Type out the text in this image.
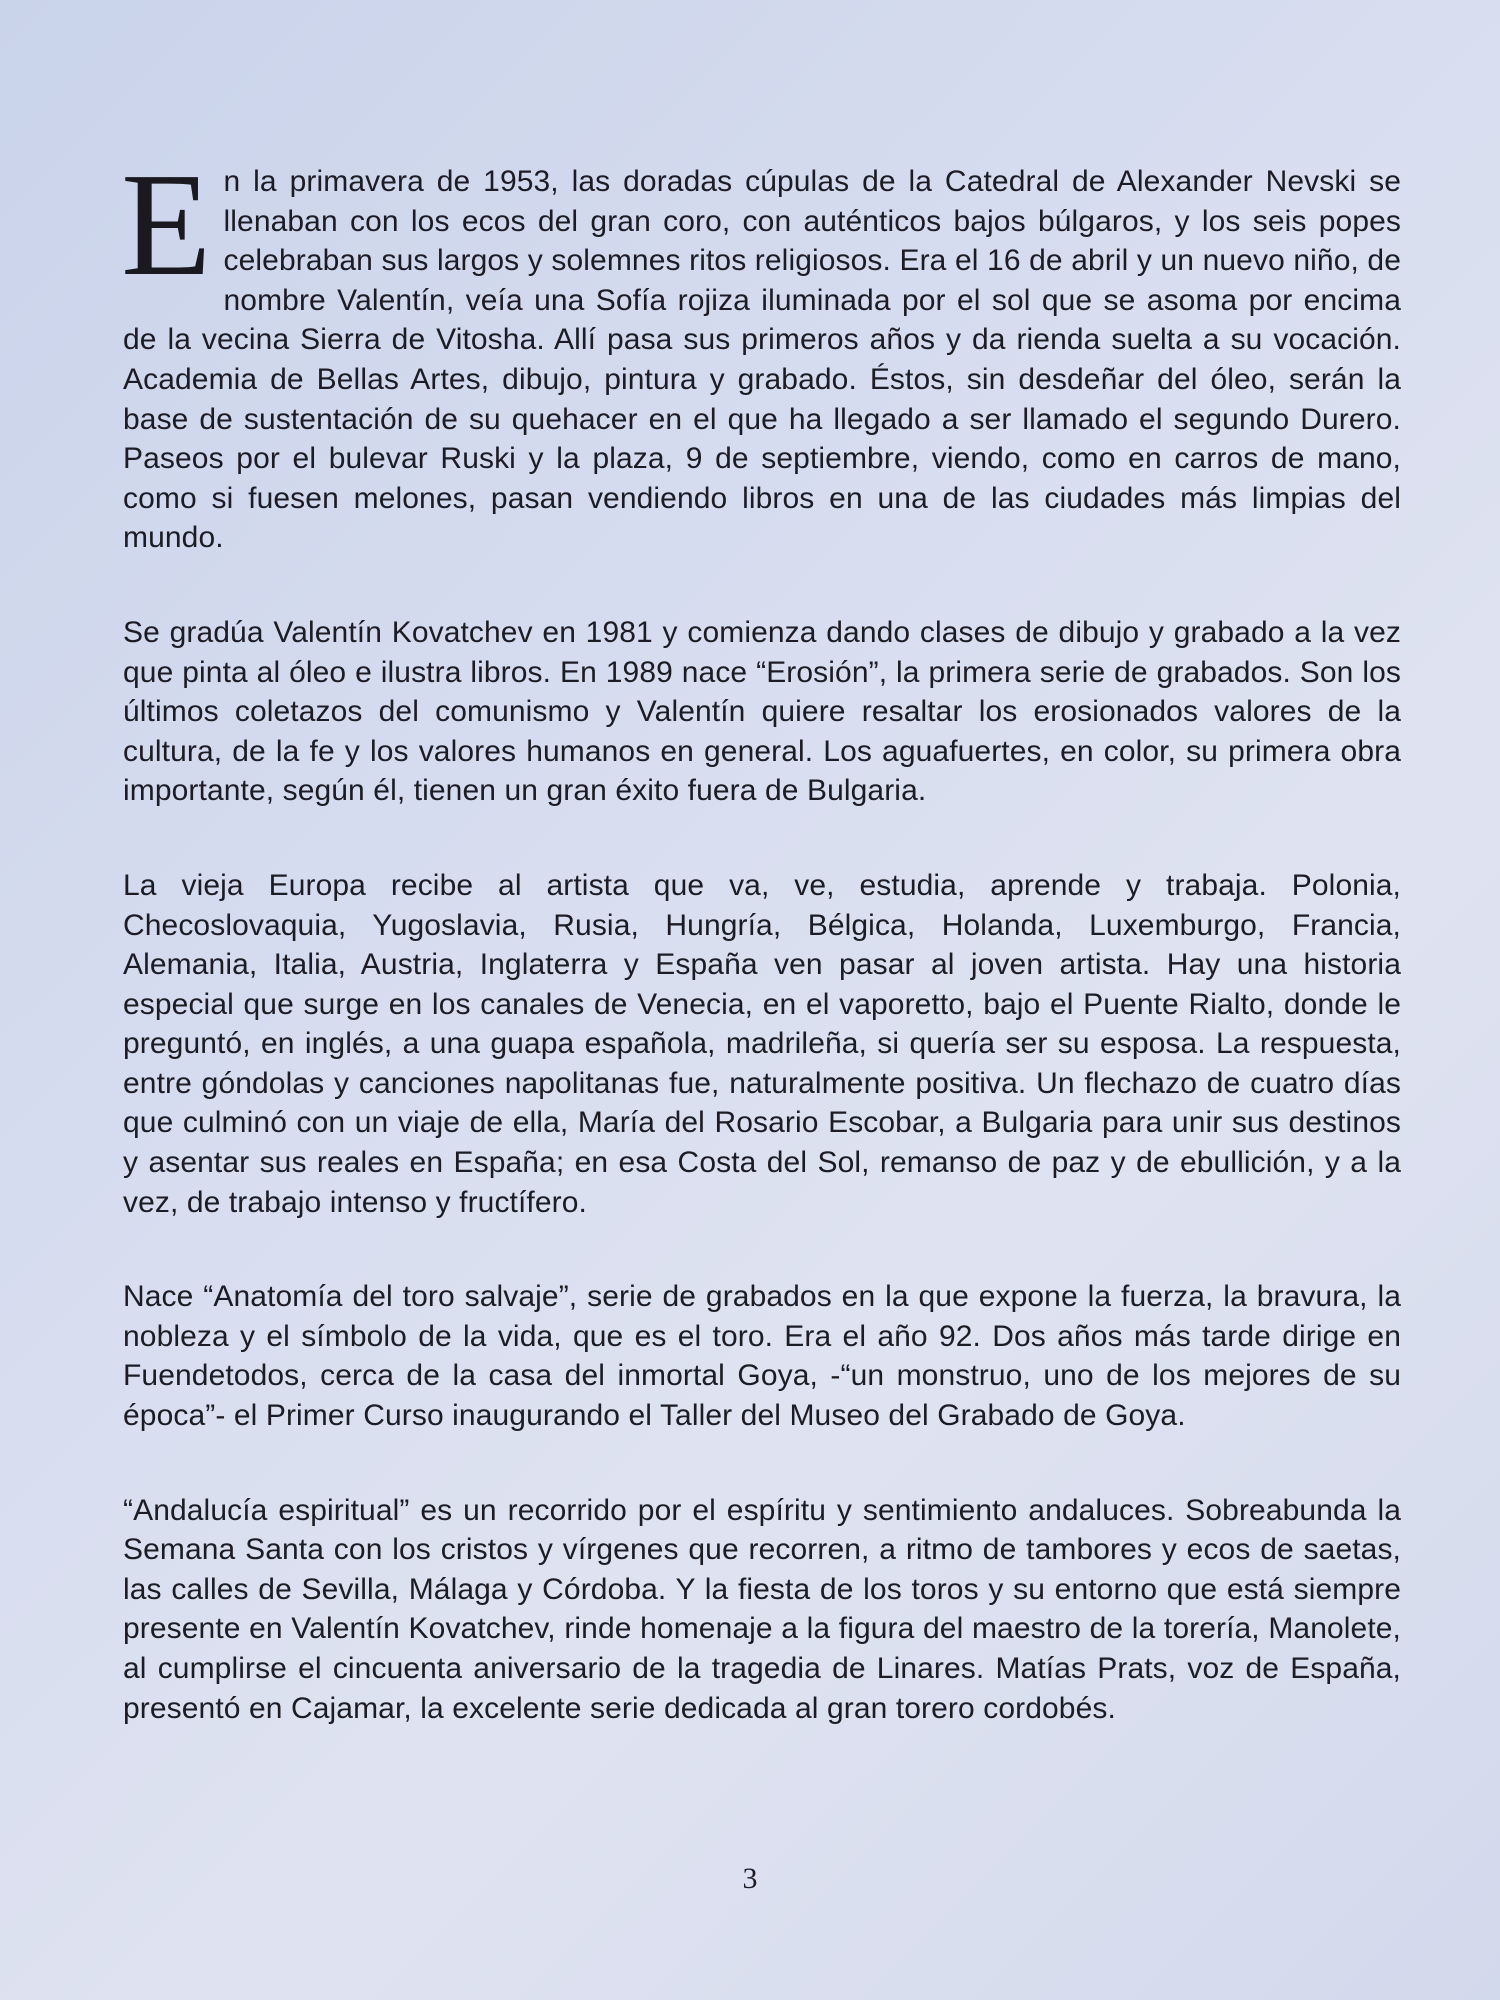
En la primavera de 1953, las doradas cúpulas de la Catedral de Alexander Nevski se llenaban con los ecos del gran coro, con auténticos bajos búlgaros, y los seis popes celebraban sus largos y solemnes ritos religiosos. Era el 16 de abril y un nuevo niño, de nombre Valentín, veía una Sofía rojiza iluminada por el sol que se asoma por encima de la vecina Sierra de Vitosha. Allí pasa sus primeros años y da rienda suelta a su vocación. Academia de Bellas Artes, dibujo, pintura y grabado. Éstos, sin desdeñar del óleo, serán la base de sustentación de su quehacer en el que ha llegado a ser llamado el segundo Durero. Paseos por el bulevar Ruski y la plaza, 9 de septiembre, viendo, como en carros de mano, como si fuesen melones, pasan vendiendo libros en una de las ciudades más limpias del mundo.

Se gradúa Valentín Kovatchev en 1981 y comienza dando clases de dibujo y grabado a la vez que pinta al óleo e ilustra libros. En 1989 nace “Erosión”, la primera serie de grabados. Son los últimos coletazos del comunismo y Valentín quiere resaltar los erosionados valores de la cultura, de la fe y los valores humanos en general. Los aguafuertes, en color, su primera obra importante, según él, tienen un gran éxito fuera de Bulgaria.

La vieja Europa recibe al artista que va, ve, estudia, aprende y trabaja. Polonia, Checoslovaquia, Yugoslavia, Rusia, Hungría, Bélgica, Holanda, Luxemburgo, Francia, Alemania, Italia, Austria, Inglaterra y España ven pasar al joven artista. Hay una historia especial que surge en los canales de Venecia, en el vaporetto, bajo el Puente Rialto, donde le preguntó, en inglés, a una guapa española, madrileña, si quería ser su esposa. La respuesta, entre góndolas y canciones napolitanas fue, naturalmente positiva. Un flechazo de cuatro días que culminó con un viaje de ella, María del Rosario Escobar, a Bulgaria para unir sus destinos y asentar sus reales en España; en esa Costa del Sol, remanso de paz y de ebullición, y a la vez, de trabajo intenso y fructífero.

Nace “Anatomía del toro salvaje”, serie de grabados en la que expone la fuerza, la bravura, la nobleza y el símbolo de la vida, que es el toro. Era el año 92. Dos años más tarde dirige en Fuendetodos, cerca de la casa del inmortal Goya, -“un monstruo, uno de los mejores de su época”- el Primer Curso inaugurando el Taller del Museo del Grabado de Goya.

“Andalucía espiritual” es un recorrido por el espíritu y sentimiento andaluces. Sobreabunda la Semana Santa con los cristos y vírgenes que recorren, a ritmo de tambores y ecos de saetas, las calles de Sevilla, Málaga y Córdoba. Y la fiesta de los toros y su entorno que está siempre presente en Valentín Kovatchev, rinde homenaje a la figura del maestro de la torería, Manolete, al cumplirse el cincuenta aniversario de la tragedia de Linares. Matías Prats, voz de España, presentó en Cajamar, la excelente serie dedicada al gran torero cordobés.

3
